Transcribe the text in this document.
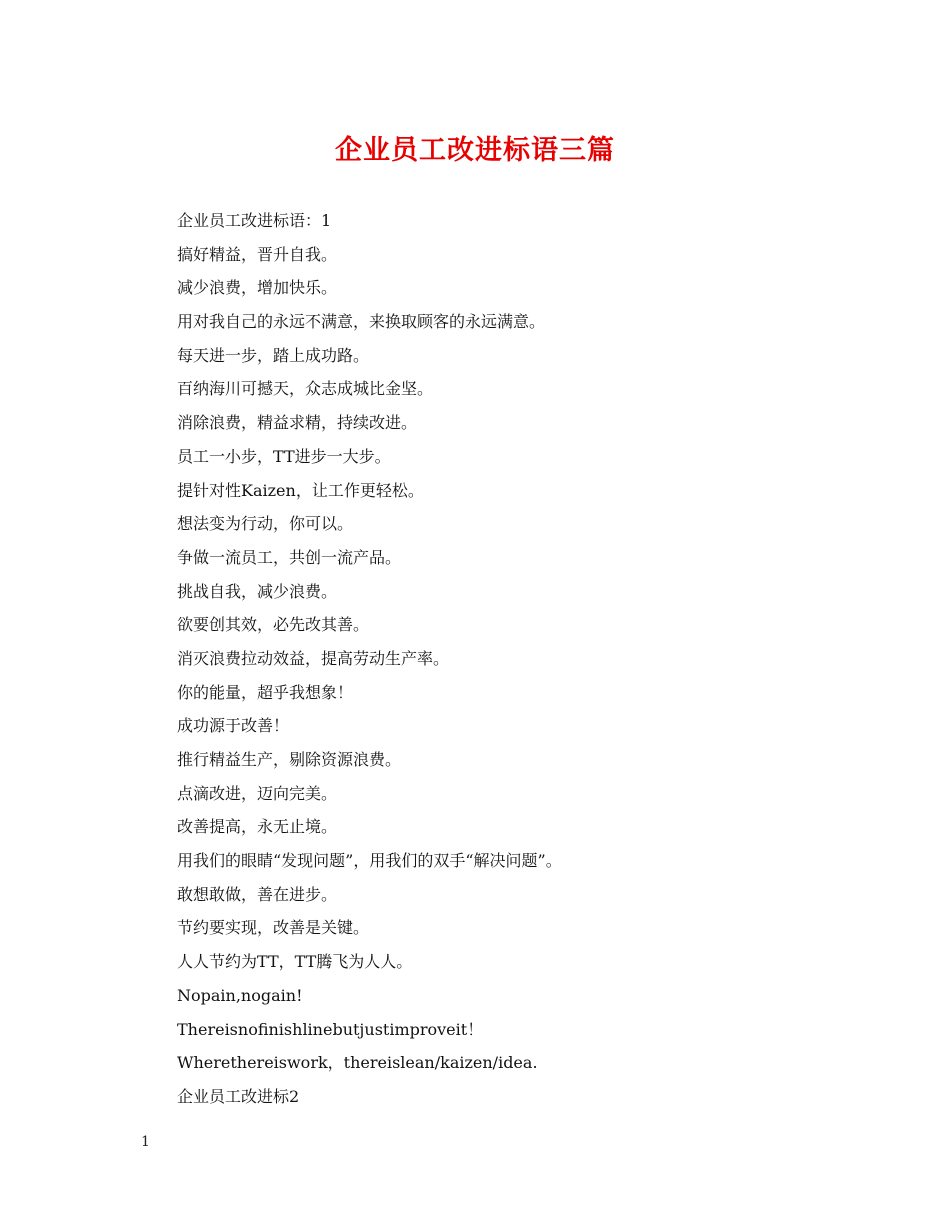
企业员工改进标语三篇
企业员工改进标语：1
搞好精益，晋升自我。
减少浪费，增加快乐。
用对我自己的永远不满意，来换取顾客的永远满意。
每天进一步，踏上成功路。
百纳海川可撼天，众志成城比金坚。
消除浪费，精益求精，持续改进。
员工一小步，TT进步一大步。
提针对性Kaizen，让工作更轻松。
想法变为行动，你可以。
争做一流员工，共创一流产品。
挑战自我，减少浪费。
欲要创其效，必先改其善。
消灭浪费拉动效益，提高劳动生产率。
你的能量，超乎我想象！
成功源于改善！
推行精益生产，剔除资源浪费。
点滴改进，迈向完美。
改善提高，永无止境。
用我们的眼睛“发现问题”，用我们的双手“解决问题”。
敢想敢做，善在进步。
节约要实现，改善是关键。
人人节约为TT，TT腾飞为人人。
Nopain,nogain!
Thereisnofinishlinebutjustimproveit！
Wherethereiswork，thereislean/kaizen/idea.
企业员工改进标2
1
